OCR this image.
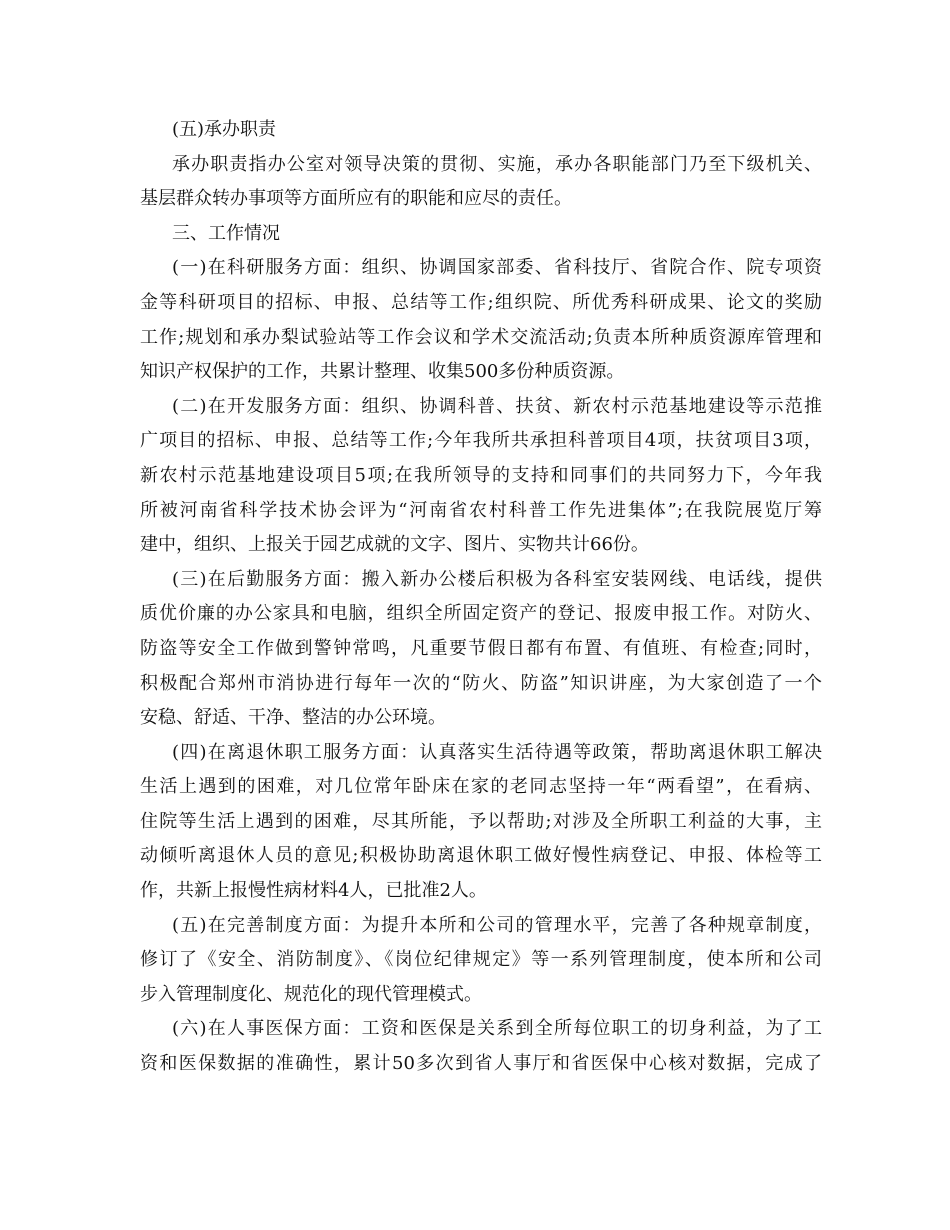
(五)承办职责
承办职责指办公室对领导决策的贯彻、实施，承办各职能部门乃至下级机关、
基层群众转办事项等方面所应有的职能和应尽的责任。
三、工作情况
(一)在科研服务方面：组织、协调国家部委、省科技厅、省院合作、院专项资
金等科研项目的招标、申报、总结等工作;组织院、所优秀科研成果、论文的奖励
工作;规划和承办梨试验站等工作会议和学术交流活动;负责本所种质资源库管理和
知识产权保护的工作，共累计整理、收集500多份种质资源。
(二)在开发服务方面：组织、协调科普、扶贫、新农村示范基地建设等示范推
广项目的招标、申报、总结等工作;今年我所共承担科普项目4项，扶贫项目3项，
新农村示范基地建设项目5项;在我所领导的支持和同事们的共同努力下，今年我
所被河南省科学技术协会评为“河南省农村科普工作先进集体”;在我院展览厅筹
建中，组织、上报关于园艺成就的文字、图片、实物共计66份。
(三)在后勤服务方面：搬入新办公楼后积极为各科室安装网线、电话线，提供
质优价廉的办公家具和电脑，组织全所固定资产的登记、报废申报工作。对防火、
防盗等安全工作做到警钟常鸣，凡重要节假日都有布置、有值班、有检查;同时，
积极配合郑州市消协进行每年一次的“防火、防盗”知识讲座，为大家创造了一个
安稳、舒适、干净、整洁的办公环境。
(四)在离退休职工服务方面：认真落实生活待遇等政策，帮助离退休职工解决
生活上遇到的困难，对几位常年卧床在家的老同志坚持一年“两看望”，在看病、
住院等生活上遇到的困难，尽其所能，予以帮助;对涉及全所职工利益的大事，主
动倾听离退休人员的意见;积极协助离退休职工做好慢性病登记、申报、体检等工
作，共新上报慢性病材料4人，已批准2人。
(五)在完善制度方面：为提升本所和公司的管理水平，完善了各种规章制度，
修订了《安全、消防制度》、《岗位纪律规定》等一系列管理制度，使本所和公司
步入管理制度化、规范化的现代管理模式。
(六)在人事医保方面：工资和医保是关系到全所每位职工的切身利益，为了工
资和医保数据的准确性，累计50多次到省人事厅和省医保中心核对数据，完成了
